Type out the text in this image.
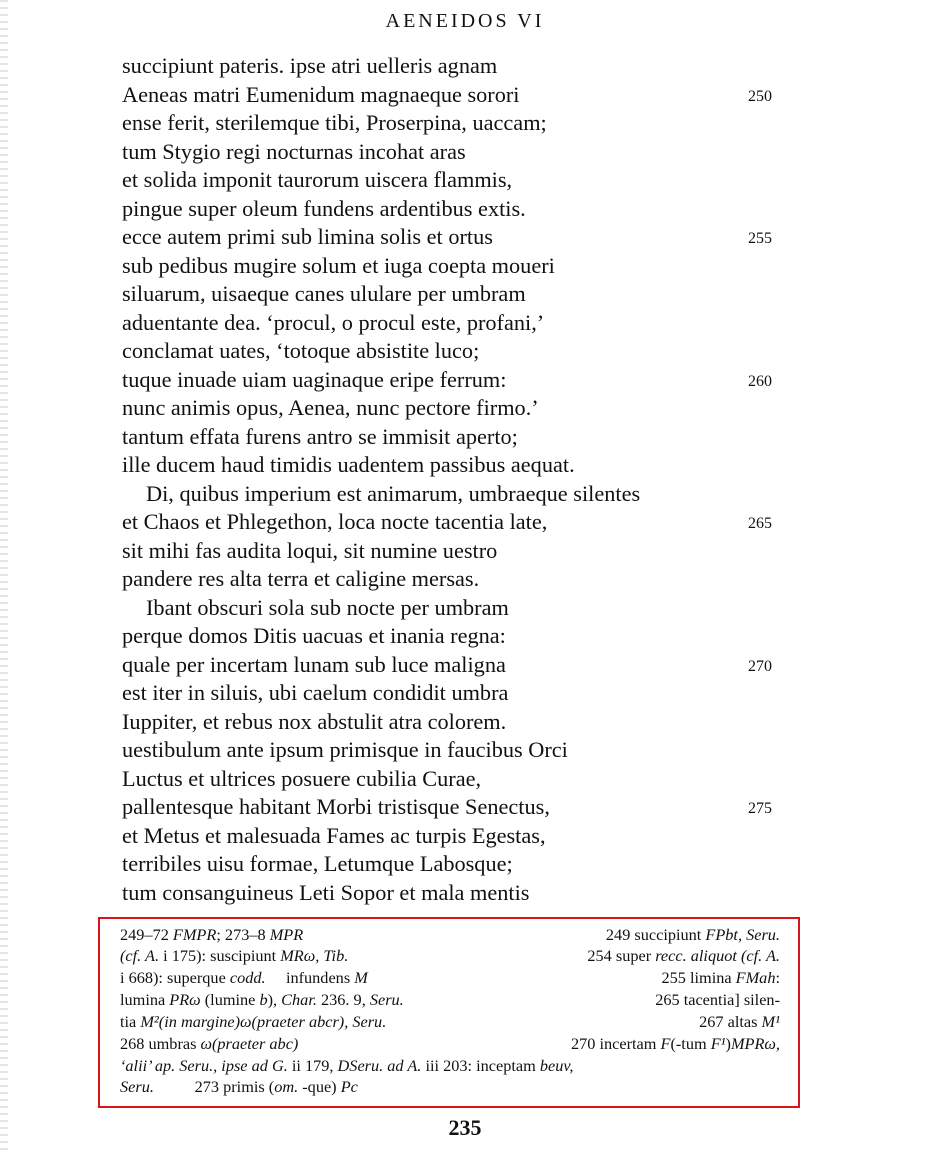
AENEIDOS VI
succipiunt pateris. ipse atri uelleris agnam
Aeneas matri Eumenidum magnaeque sorori	250
ense ferit, sterilemque tibi, Proserpina, uaccam;
tum Stygio regi nocturnas incohat aras
et solida imponit taurorum uiscera flammis,
pingue super oleum fundens ardentibus extis.
ecce autem primi sub limina solis et ortus	255
sub pedibus mugire solum et iuga coepta moueri
siluarum, uisaeque canes ululare per umbram
aduentante dea. ‘procul, o procul este, profani,’
conclamat uates, ‘totoque absistite luco;
tuque inuade uiam uaginaque eripe ferrum:	260
nunc animis opus, Aenea, nunc pectore firmo.’
tantum effata furens antro se immisit aperto;
ille ducem haud timidis uadentem passibus aequat.
Di, quibus imperium est animarum, umbraeque silentes
et Chaos et Phlegethon, loca nocte tacentia late,	265
sit mihi fas audita loqui, sit numine uestro
pandere res alta terra et caligine mersas.
Ibant obscuri sola sub nocte per umbram
perque domos Ditis uacuas et inania regna:
quale per incertam lunam sub luce maligna	270
est iter in siluis, ubi caelum condidit umbra
Iuppiter, et rebus nox abstulit atra colorem.
uestibulum ante ipsum primisque in faucibus Orci
Luctus et ultrices posuere cubilia Curae,
pallentesque habitant Morbi tristisque Senectus,	275
et Metus et malesuada Fames ac turpis Egestas,
terribiles uisu formae, Letumque Labosque;
tum consanguineus Leti Sopor et mala mentis
249–72 FMPR; 273–8 MPR	249 succipiunt FPbt, Seru.
(cf. A. i 175): suscipiunt MRω, Tib.	254 super recc. aliquot (cf. A.
i 668): superque codd.     infundens M	255 limina FMah:
lumina PRω (lumine b), Char. 236. 9, Seru.	265 tacentia] silen-
tia M²(in margine)ω(praeter abcr), Seru.	267 altas M¹
268 umbras ω(praeter abc)	270 incertam F(-tum F¹)MPRω,
‘alii’ ap. Seru., ipse ad G. ii 179, DSeru. ad A. iii 203: inceptam beuv,
Seru.          273 primis (om. -que) Pc
235
